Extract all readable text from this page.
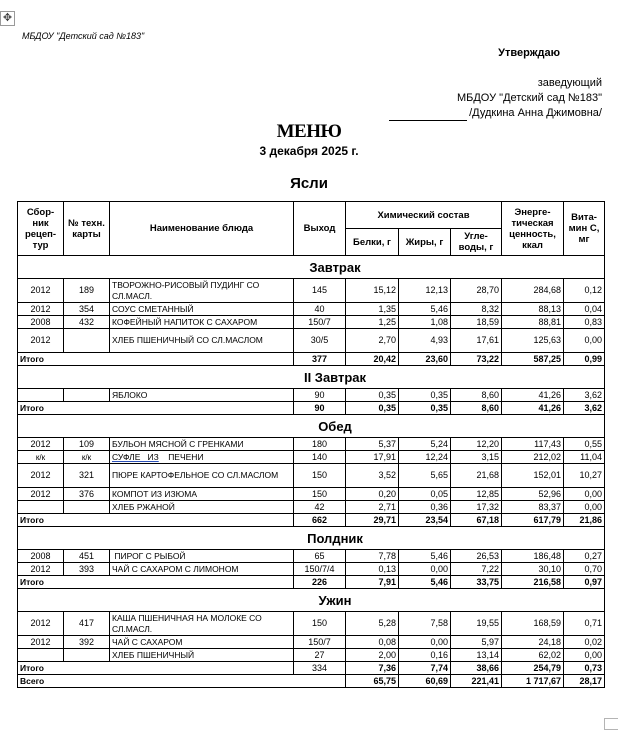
✥
МБДОУ "Детский сад №183"
Утверждаю
заведующий
МБДОУ "Детский сад №183"
/Дудкина Анна Джимовна/
МЕНЮ
3 декабря 2025 г.
Ясли
Сбор-ник рецеп-тур	№ техн. карты	Наименование блюда	Выход	Химический состав			Энерге-тическая ценность, ккал	Вита-мин С, мг
				Белки, г	Жиры, г	Угле-воды, г		
Завтрак								
2012	189	ТВОРОЖНО-РИСОВЫЙ ПУДИНГ СО СЛ.МАСЛ.	145	15,12	12,13	28,70	284,68	0,12
2012	354	СОУС СМЕТАННЫЙ	40	1,35	5,46	8,32	88,13	0,04
2008	432	КОФЕЙНЫЙ НАПИТОК С САХАРОМ	150/7	1,25	1,08	18,59	88,81	0,83
2012		ХЛЕБ ПШЕНИЧНЫЙ СО СЛ.МАСЛОМ	30/5	2,70	4,93	17,61	125,63	0,00
Итого			377	20,42	23,60	73,22	587,25	0,99
II Завтрак								
		ЯБЛОКО	90	0,35	0,35	8,60	41,26	3,62
Итого			90	0,35	0,35	8,60	41,26	3,62
Обед								
2012	109	БУЛЬОН МЯСНОЙ С ГРЕНКАМИ	180	5,37	5,24	12,20	117,43	0,55
к/к	к/к	СУФЛЕ   ИЗ ПЕЧЕНИ	140	17,91	12,24	3,15	212,02	11,04
2012	321	ПЮРЕ КАРТОФЕЛЬНОЕ СО СЛ.МАСЛОМ	150	3,52	5,65	21,68	152,01	10,27
2012	376	КОМПОТ ИЗ ИЗЮМА	150	0,20	0,05	12,85	52,96	0,00
		ХЛЕБ РЖАНОЙ	42	2,71	0,36	17,32	83,37	0,00
Итого			662	29,71	23,54	67,18	617,79	21,86
Полдник								
2008	451	ПИРОГ С РЫБОЙ	65	7,78	5,46	26,53	186,48	0,27
2012	393	ЧАЙ С САХАРОМ С ЛИМОНОМ	150/7/4	0,13	0,00	7,22	30,10	0,70
Итого			226	7,91	5,46	33,75	216,58	0,97
Ужин								
2012	417	КАША ПШЕНИЧНАЯ НА МОЛОКЕ СО СЛ.МАСЛ.	150	5,28	7,58	19,55	168,59	0,71
2012	392	ЧАЙ С САХАРОМ	150/7	0,08	0,00	5,97	24,18	0,02
		ХЛЕБ ПШЕНИЧНЫЙ	27	2,00	0,16	13,14	62,02	0,00
Итого			334	7,36	7,74	38,66	254,79	0,73
Всего				65,75	60,69	221,41	1 717,67	28,17
